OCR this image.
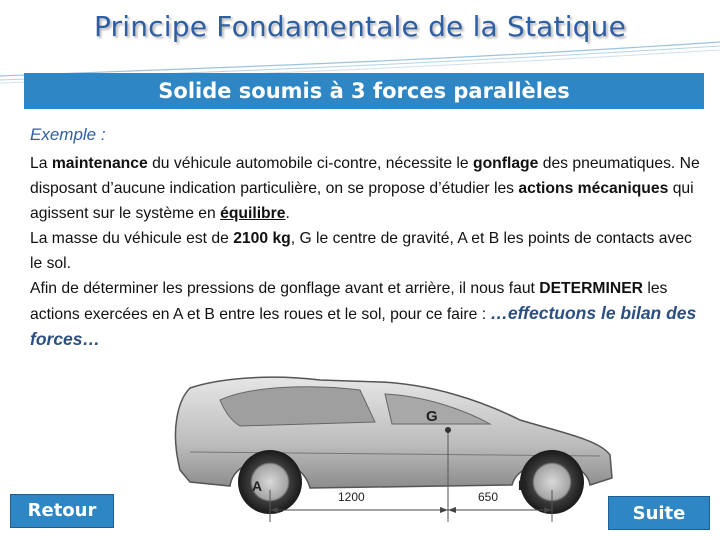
Principe Fondamentale de la Statique
Solide soumis à 3 forces parallèles
Exemple :
La maintenance du véhicule automobile ci-contre, nécessite le gonflage des pneumatiques. Ne disposant d’aucune indication particulière, on se propose d’étudier les actions mécaniques qui agissent sur le système en équilibre.
La masse du véhicule est de 2100 kg, G le centre de gravité, A et B les points de contacts avec le sol.
Afin de déterminer les pressions de gonflage avant et arrière, il nous faut DETERMINER les actions exercées en A et B entre les roues et le sol, pour ce faire : …effectuons le bilan des forces…
G
A	B
1200	650
Retour	Suite
